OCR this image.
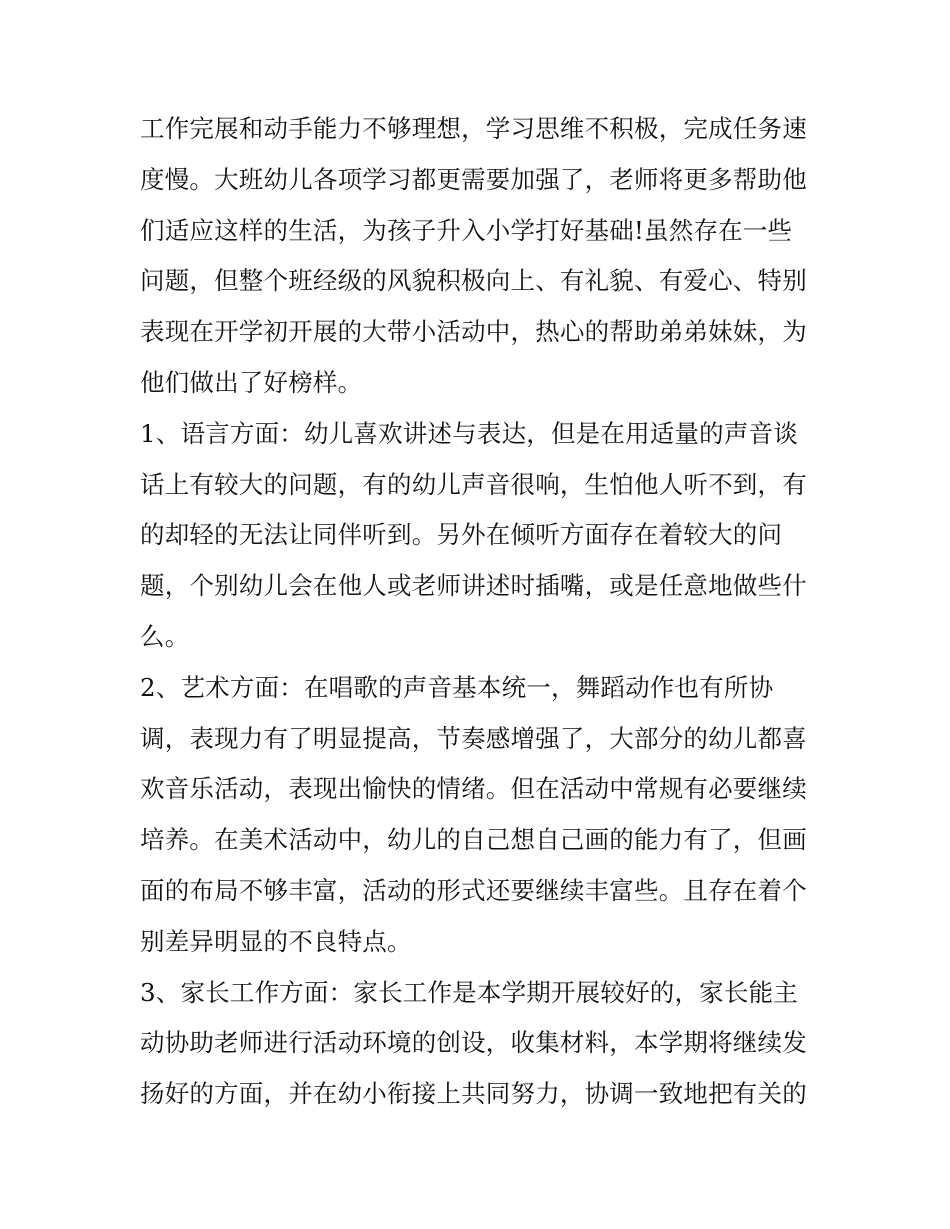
工作完展和动手能力不够理想，学习思维不积极，完成任务速
度慢。大班幼儿各项学习都更需要加强了，老师将更多帮助他
们适应这样的生活，为孩子升入小学打好基础!虽然存在一些
问题，但整个班经级的风貌积极向上、有礼貌、有爱心、特别
表现在开学初开展的大带小活动中，热心的帮助弟弟妹妹，为
他们做出了好榜样。
1、语言方面：幼儿喜欢讲述与表达，但是在用适量的声音谈
话上有较大的问题，有的幼儿声音很响，生怕他人听不到，有
的却轻的无法让同伴听到。另外在倾听方面存在着较大的问
题，个别幼儿会在他人或老师讲述时插嘴，或是任意地做些什
么。
2、艺术方面：在唱歌的声音基本统一，舞蹈动作也有所协
调，表现力有了明显提高，节奏感增强了，大部分的幼儿都喜
欢音乐活动，表现出愉快的情绪。但在活动中常规有必要继续
培养。在美术活动中，幼儿的自己想自己画的能力有了，但画
面的布局不够丰富，活动的形式还要继续丰富些。且存在着个
别差异明显的不良特点。
3、家长工作方面：家长工作是本学期开展较好的，家长能主
动协助老师进行活动环境的创设，收集材料，本学期将继续发
扬好的方面，并在幼小衔接上共同努力，协调一致地把有关的
